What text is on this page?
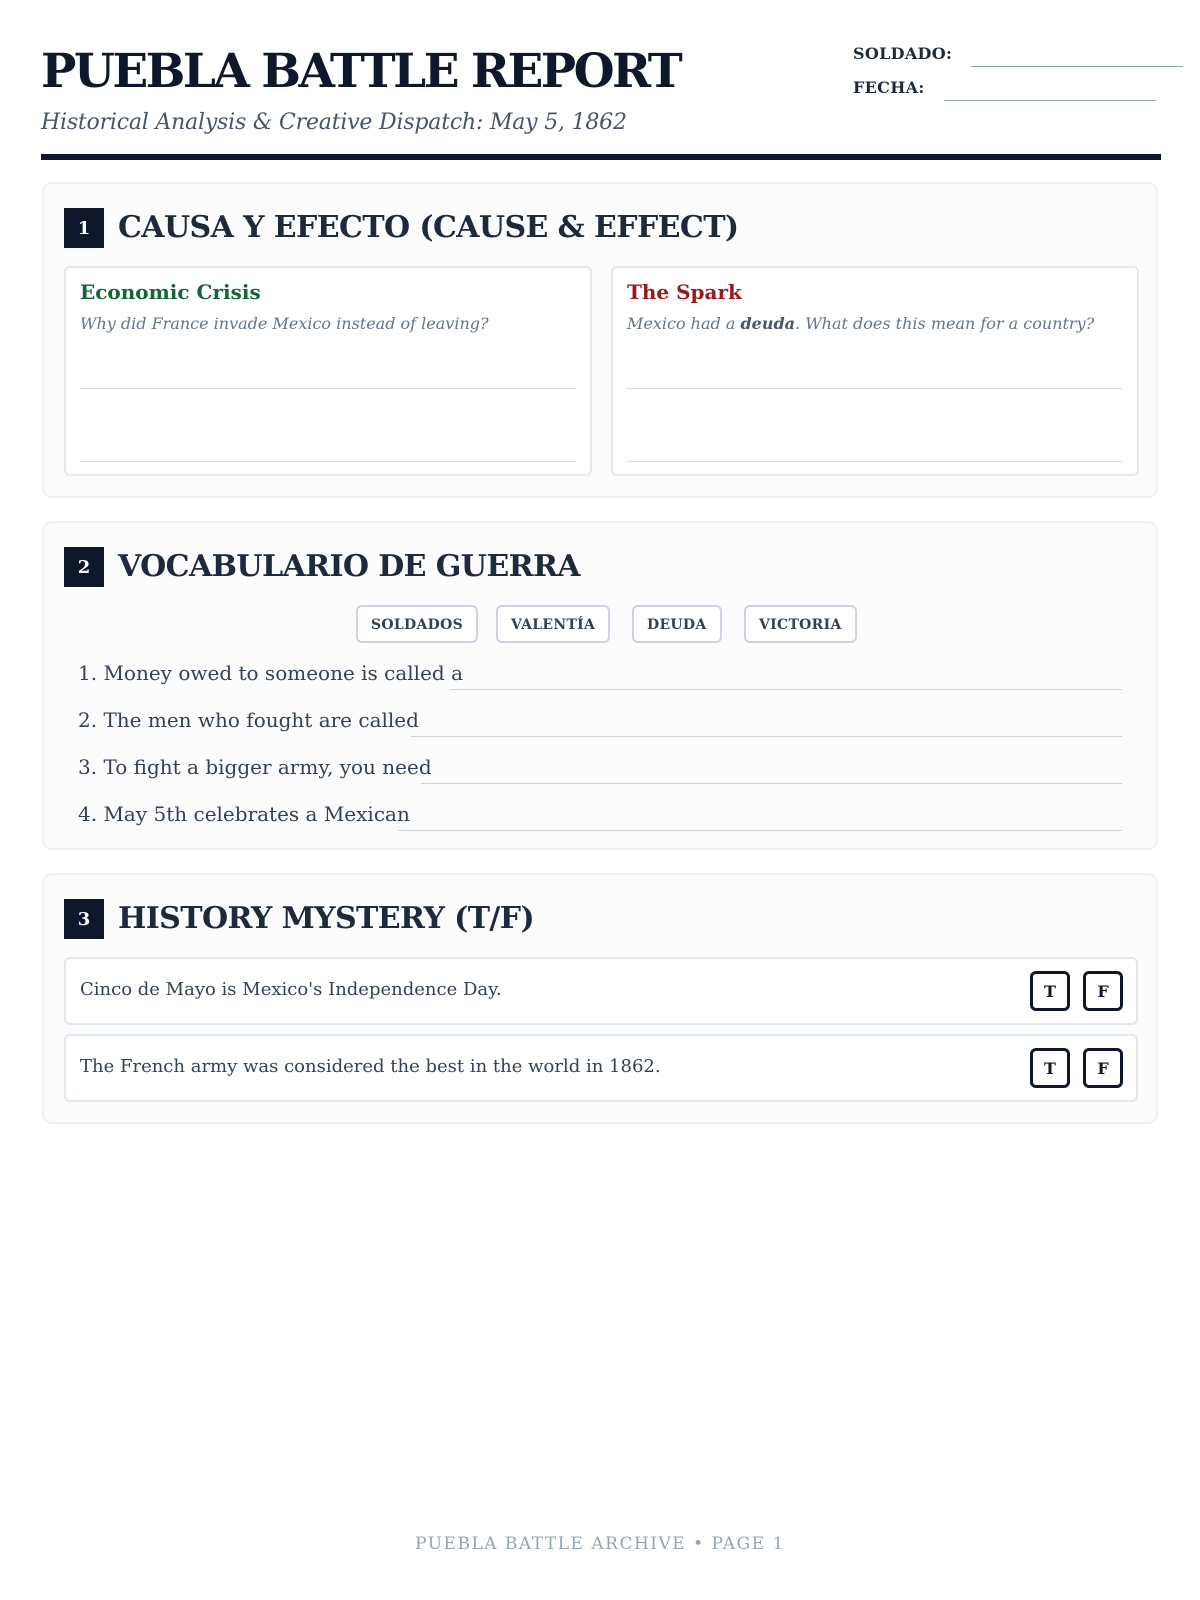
PUEBLA BATTLE REPORT
Historical Analysis & Creative Dispatch: May 5, 1862
SOLDADO:
FECHA:
1 CAUSA Y EFECTO (CAUSE & EFFECT)
Economic Crisis
Why did France invade Mexico instead of leaving?
The Spark
Mexico had a deuda. What does this mean for a country?
2 VOCABULARIO DE GUERRA
SOLDADOS	VALENTÍA	DEUDA	VICTORIA
1. Money owed to someone is called a
2. The men who fought are called
3. To fight a bigger army, you need
4. May 5th celebrates a Mexican
3 HISTORY MYSTERY (T/F)
Cinco de Mayo is Mexico's Independence Day.	T	F
The French army was considered the best in the world in 1862.	T	F
PUEBLA BATTLE ARCHIVE • PAGE 1
